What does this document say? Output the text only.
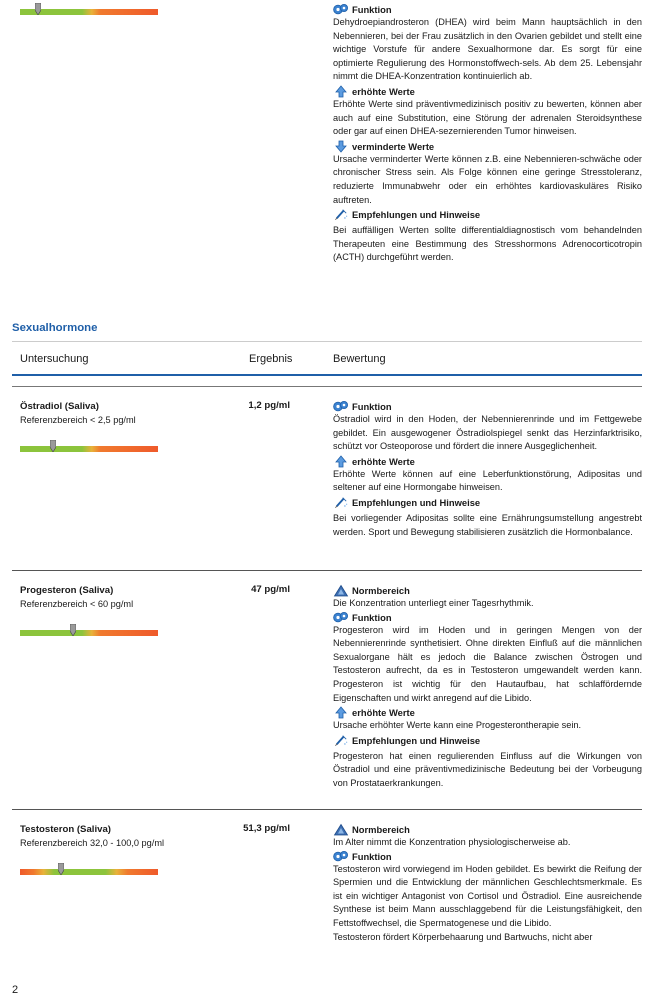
Funktion

Dehydroepiandrosteron (DHEA) wird beim Mann hauptsächlich in den Nebennieren, bei der Frau zusätzlich in den Ovarien gebildet und stellt eine wichtige Vorstufe für andere Sexualhormone dar. Es sorgt für eine optimierte Regulierung des Hormonstoffwech-sels. Ab dem 25. Lebensjahr nimmt die DHEA-Konzentration kontinuierlich ab.

erhöhte Werte

Erhöhte Werte sind präventivmedizinisch positiv zu bewerten, können aber auch auf eine Substitution, eine Störung der adrenalen Steroidsynthese oder gar auf einen DHEA-sezernierenden Tumor hinweisen.

verminderte Werte

Ursache verminderter Werte können z.B. eine Nebennieren-schwäche oder chronischer Stress sein. Als Folge können eine geringe Stresstoleranz, reduzierte Immunabwehr oder ein erhöhtes kardiovaskuläres Risiko auftreten.

Empfehlungen und Hinweise

Bei auffälligen Werten sollte differentialdiagnostisch vom behandelnden Therapeuten eine Bestimmung des Stresshormons Adrenocorticotropin (ACTH) durchgeführt werden.

Sexualhormone
Untersuchung	Ergebnis	Bewertung
Östradiol (Saliva)
Referenzbereich < 2,5 pg/ml
1,2 pg/ml	Funktion

Östradiol wird in den Hoden, der Nebennierenrinde und im Fettgewebe gebildet. Ein ausgewogener Östradiolspiegel senkt das Herzinfarktrisiko, schützt vor Osteoporose und fördert die innere Ausgeglichenheit.

erhöhte Werte

Erhöhte Werte können auf eine Leberfunktionstörung, Adipositas und seltener auf eine Hormongabe hinweisen.

Empfehlungen und Hinweise

Bei vorliegender Adipositas sollte eine Ernährungsumstellung angestrebt werden. Sport und Bewegung stabilisieren zusätzlich die Hormonbalance.

Progesteron (Saliva)
Referenzbereich < 60 pg/ml
47 pg/ml	Normbereich

Die Konzentration unterliegt einer Tagesrhythmik.

Funktion

Progesteron wird im Hoden und in geringen Mengen von der Nebennierenrinde synthetisiert. Ohne direkten Einfluß auf die männlichen Sexualorgane hält es jedoch die Balance zwischen Östrogen und Testosteron aufrecht, da es in Testosteron umgewandelt werden kann. Progesteron ist wichtig für den Hautaufbau, hat schlaffördernde Eigenschaften und wirkt anregend auf die Libido.

erhöhte Werte

Ursache erhöhter Werte kann eine Progesterontherapie sein.

Empfehlungen und Hinweise

Progesteron hat einen regulierenden Einfluss auf die Wirkungen von Östradiol und eine präventivmedizinische Bedeutung bei der Vorbeugung von Prostataerkrankungen.

Testosteron (Saliva)
Referenzbereich 32,0 - 100,0 pg/ml
51,3 pg/ml	Normbereich

Im Alter nimmt die Konzentration physiologischerweise ab.

Funktion

Testosteron wird vorwiegend im Hoden gebildet. Es bewirkt die Reifung der Spermien und die Entwicklung der männlichen Geschlechtsmerkmale. Es ist ein wichtiger Antagonist von Cortisol und Östradiol. Eine ausreichende Synthese ist beim Mann ausschlaggebend für die Leistungsfähigkeit, den Fettstoffwechsel, die Spermatogenese und die Libido.

Testosteron fördert Körperbehaarung und Bartwuchs, nicht aber

2
